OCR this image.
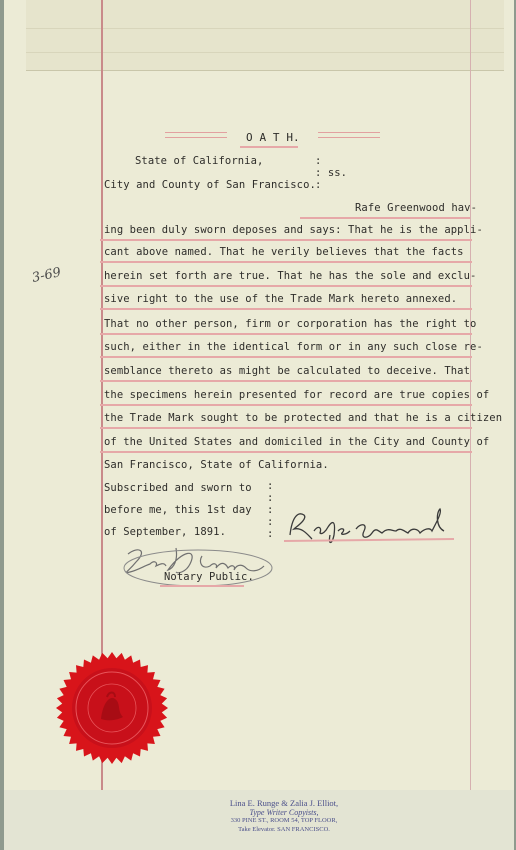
O A T H.
State of California,	:
: ss.
City and County of San Francisco. :
Rafe Greenwood hav-
ing been duly sworn deposes and says: That he is the appli-
cant above named. That he verily believes that the facts
herein set forth are true. That he has the sole and exclu-
sive right to the use of the Trade Mark hereto annexed.
That no other person, firm or corporation has the right to
such, either in the identical form or in any such close re-
semblance thereto as might be calculated to deceive. That
the specimens herein presented for record are true copies of
the Trade Mark sought to be protected and that he is a citizen
of the United States and domiciled in the City and County of
San Francisco, State of California.
3-69
Subscribed and sworn to
before me, this 1st day
of September, 1891.
:
:
:
:
:
Notary Public.
Lina E. Runge & Zalia J. Elliot,
Type Writer Copyists,
330 PINE ST., ROOM 54, TOP FLOOR,
Take Elevator. SAN FRANCISCO.
